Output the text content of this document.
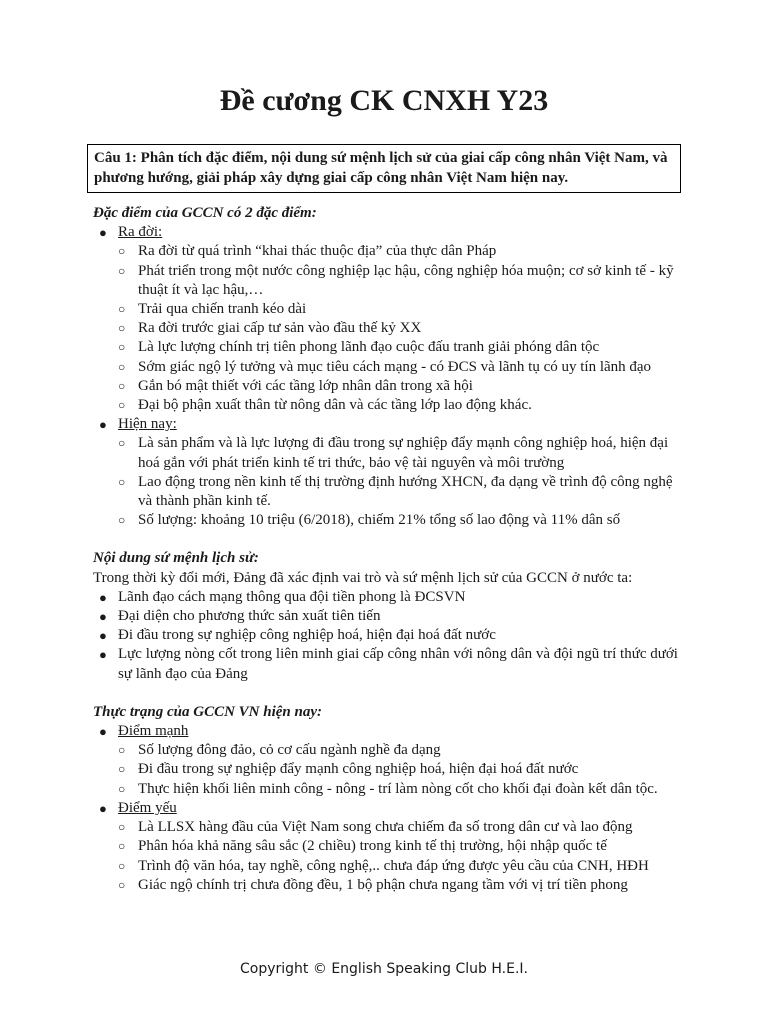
Đề cương CK CNXH Y23
Câu 1: Phân tích đặc điểm, nội dung sứ mệnh lịch sử của giai cấp công nhân Việt Nam, và phương hướng, giải pháp xây dựng giai cấp công nhân Việt Nam hiện nay.

Đặc điểm của GCCN có 2 đặc điểm:

● Ra đời:
○ Ra đời từ quá trình “khai thác thuộc địa” của thực dân Pháp
○ Phát triển trong một nước công nghiệp lạc hậu, công nghiệp hóa muộn; cơ sở kinh tế - kỹ thuật ít và lạc hậu,…
○ Trải qua chiến tranh kéo dài
○ Ra đời trước giai cấp tư sản vào đầu thế kỷ XX
○ Là lực lượng chính trị tiên phong lãnh đạo cuộc đấu tranh giải phóng dân tộc
○ Sớm giác ngộ lý tưởng và mục tiêu cách mạng - có ĐCS và lãnh tụ có uy tín lãnh đạo
○ Gắn bó mật thiết với các tầng lớp nhân dân trong xã hội
○ Đại bộ phận xuất thân từ nông dân và các tầng lớp lao động khác.
● Hiện nay:
○ Là sản phẩm và là lực lượng đi đầu trong sự nghiệp đẩy mạnh công nghiệp hoá, hiện đại hoá gắn với phát triển kinh tế tri thức, bảo vệ tài nguyên và môi trường
○ Lao động trong nền kinh tế thị trường định hướng XHCN, đa dạng về trình độ công nghệ và thành phần kinh tế.
○ Số lượng: khoảng 10 triệu (6/2018), chiếm 21% tổng số lao động và 11% dân số

Nội dung sứ mệnh lịch sử:

Trong thời kỳ đổi mới, Đảng đã xác định vai trò và sứ mệnh lịch sử của GCCN ở nước ta:

● Lãnh đạo cách mạng thông qua đội tiền phong là ĐCSVN
● Đại diện cho phương thức sản xuất tiên tiến
● Đi đầu trong sự nghiệp công nghiệp hoá, hiện đại hoá đất nước
● Lực lượng nòng cốt trong liên minh giai cấp công nhân với nông dân và đội ngũ trí thức dưới sự lãnh đạo của Đảng

Thực trạng của GCCN VN hiện nay:

● Điểm mạnh
○ Số lượng đông đảo, cỏ cơ cấu ngành nghề đa dạng
○ Đi đầu trong sự nghiệp đẩy mạnh công nghiệp hoá, hiện đại hoá đất nước
○ Thực hiện khối liên minh công - nông - trí làm nòng cốt cho khối đại đoàn kết dân tộc.
● Điểm yếu
○ Là LLSX hàng đầu của Việt Nam song chưa chiếm đa số trong dân cư và lao động
○ Phân hóa khả năng sâu sắc (2 chiều) trong kinh tế thị trường, hội nhập quốc tế
○ Trình độ văn hóa, tay nghề, công nghệ,.. chưa đáp ứng được yêu cầu của CNH, HĐH
○ Giác ngộ chính trị chưa đồng đều, 1 bộ phận chưa ngang tầm với vị trí tiền phong
Copyright © English Speaking Club H.E.I.
